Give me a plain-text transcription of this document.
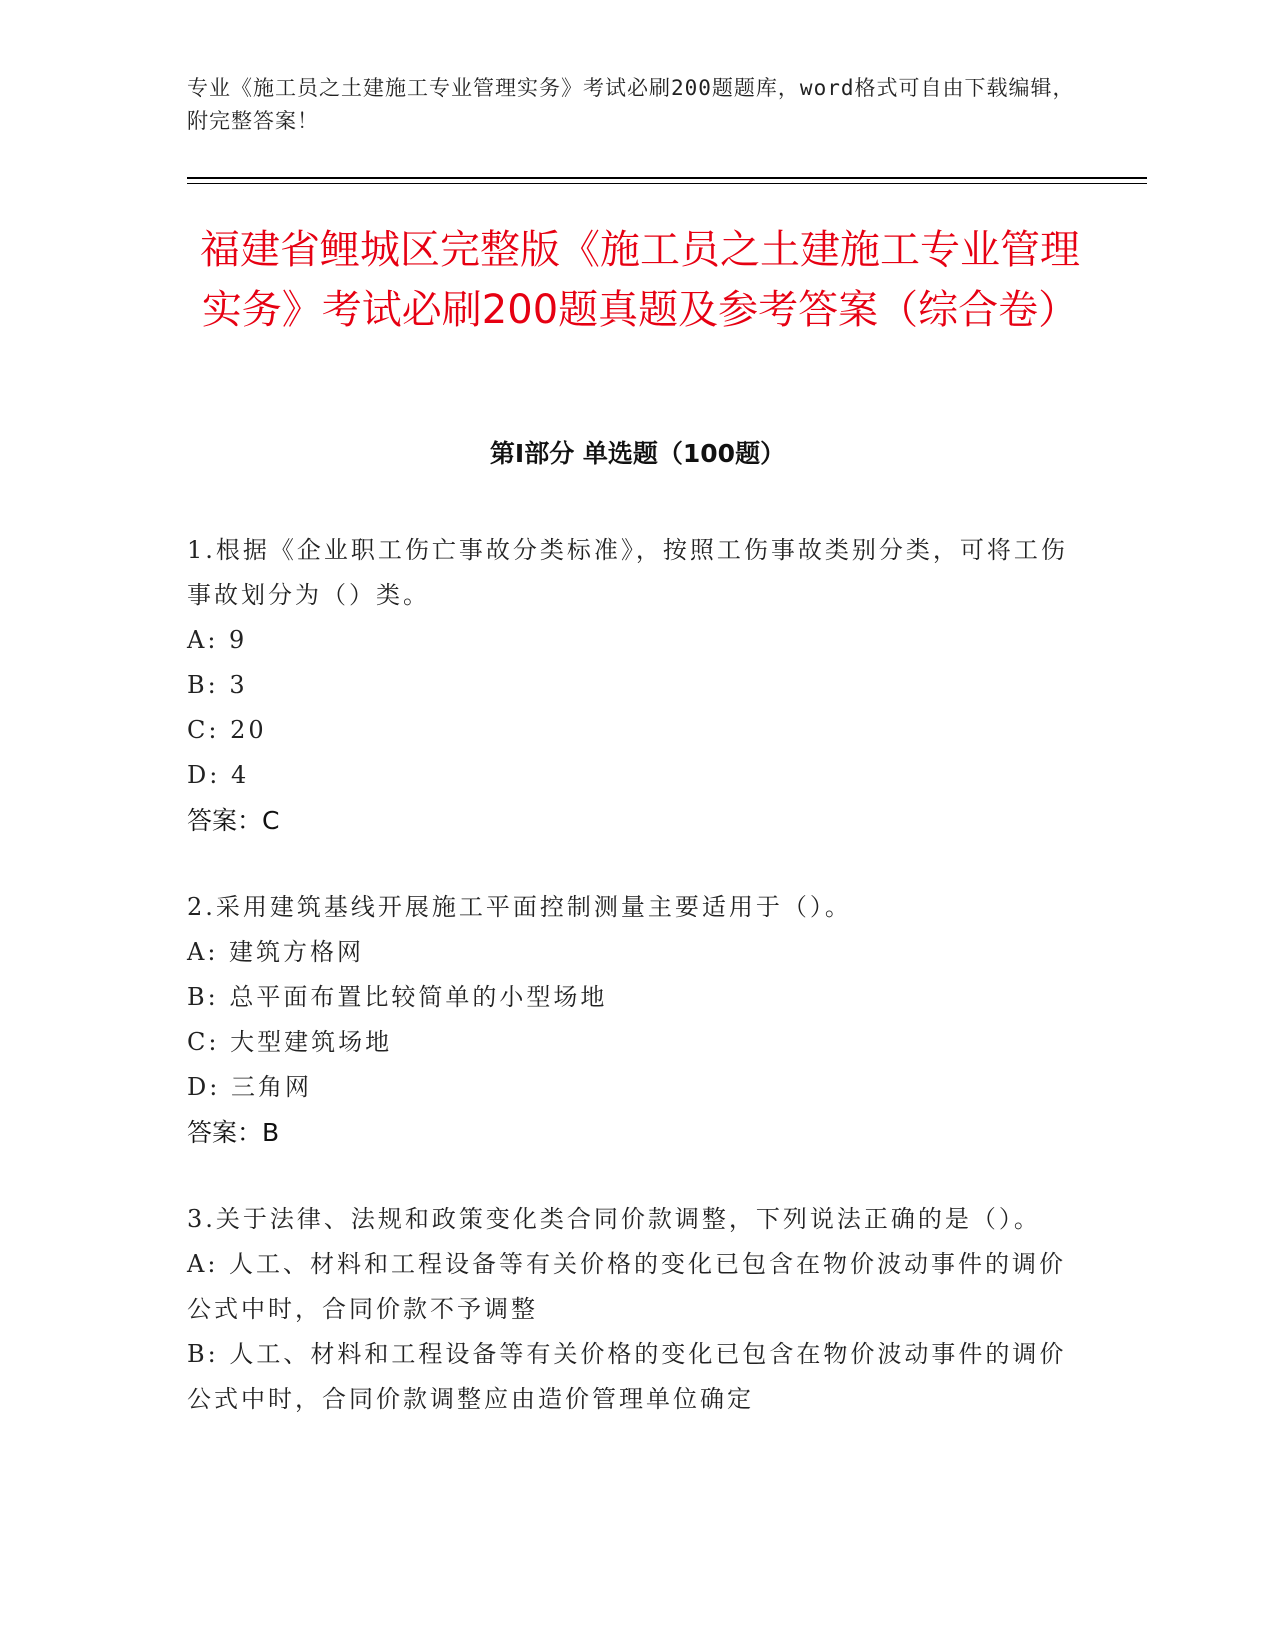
专业《施工员之土建施工专业管理实务》考试必刷200题题库，word格式可自由下载编辑，附完整答案！
福建省鲤城区完整版《施工员之土建施工专业管理实务》考试必刷200题真题及参考答案（综合卷）
第I部分 单选题（100题）

1.根据《企业职工伤亡事故分类标准》，按照工伤事故类别分类，可将工伤事故划分为（）类。

A: 9

B: 3

C: 20

D: 4

答案：C

2.采用建筑基线开展施工平面控制测量主要适用于（）。

A: 建筑方格网

B: 总平面布置比较简单的小型场地

C: 大型建筑场地

D: 三角网

答案：B

3.关于法律、法规和政策变化类合同价款调整，下列说法正确的是（）。

A: 人工、材料和工程设备等有关价格的变化已包含在物价波动事件的调价公式中时，合同价款不予调整

B: 人工、材料和工程设备等有关价格的变化已包含在物价波动事件的调价公式中时，合同价款调整应由造价管理单位确定
